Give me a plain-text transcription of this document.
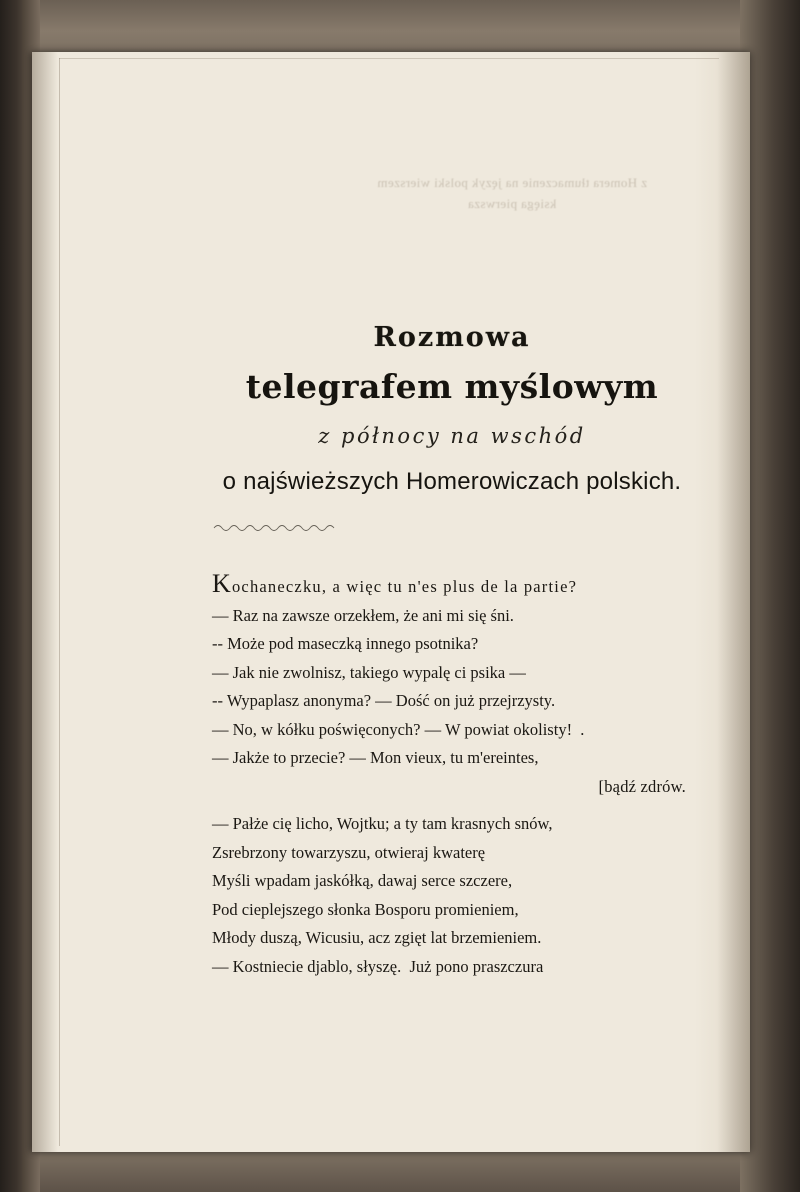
z Homera tłumaczenie na język polski wierszem księga pierwsza
Rozmowa
telegrafem myślowym
z północy na wschód
o najświeższych Homerowiczach polskich.
Kochaneczku, a więc tu n'es plus de la partie?
— Raz na zawsze orzekłem, że ani mi się śni.
-- Może pod maseczką innego psotnika?
— Jak nie zwolnisz, takiego wypalę ci psika —
-- Wypaplasz anonyma? — Dość on już przejrzysty.
— No, w kółku poświęconych? — W powiat okolisty!  .
— Jakże to przecie? — Mon vieux, tu m'ereintes,
[bądź zdrów.
— Pałże cię licho, Wojtku; a ty tam krasnych snów,
Zsrebrzony towarzyszu, otwieraj kwaterę
Myśli wpadam jaskółką, dawaj serce szczere,
Pod cieplejszego słonka Bosporu promieniem,
Młody duszą, Wicusiu, acz zgięt lat brzemieniem.
— Kostniecie djablo, słyszę.  Już pono praszczura
